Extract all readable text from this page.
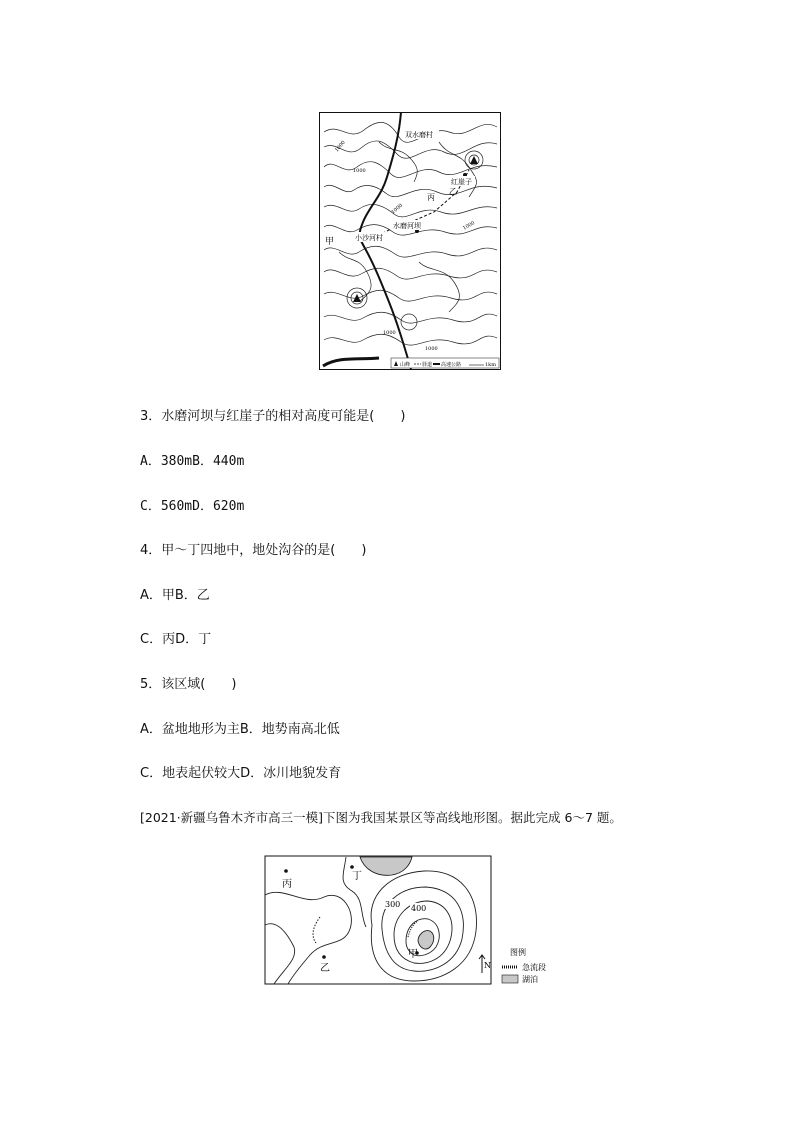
双水磨村
红崖子
丙
乙
水磨河坝
小沙河村
甲
1000
1000
1000
1000
1000
1000
山峰 驿道 高速公路	1km
3．水磨河坝与红崖子的相对高度可能是(　　)
A．380mB．440m
C．560mD．620m
4．甲～丁四地中，地处沟谷的是(　　)
A．甲B．乙
C．丙D．丁
5．该区域(　　)
A．盆地地形为主B．地势南高北低
C．地表起伏较大D．冰川地貌发育
[2021·新疆乌鲁木齐市高三一模]下图为我国某景区等高线地形图。据此完成 6～7 题。
丙
丁
乙
甲
300 400
N
图例
急流段
湖泊
